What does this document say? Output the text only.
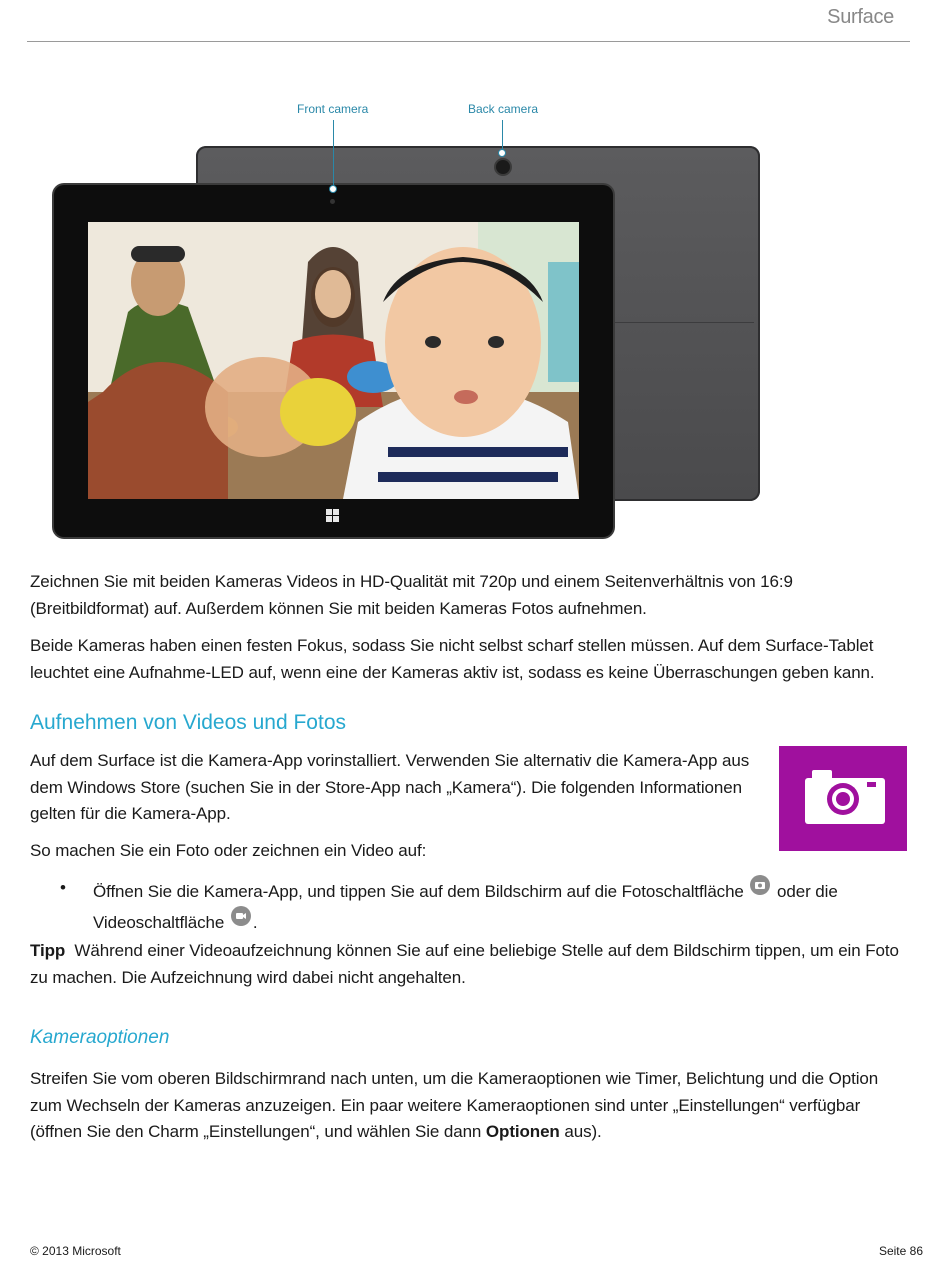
Surface
Front camera	Back camera

Zeichnen Sie mit beiden Kameras Videos in HD-Qualität mit 720p und einem Seitenverhältnis von 16:9 (Breitbildformat) auf. Außerdem können Sie mit beiden Kameras Fotos aufnehmen.

Beide Kameras haben einen festen Fokus, sodass Sie nicht selbst scharf stellen müssen. Auf dem Surface-Tablet leuchtet eine Aufnahme-LED auf, wenn eine der Kameras aktiv ist, sodass es keine Überraschungen geben kann.

Aufnehmen von Videos und Fotos

Auf dem Surface ist die Kamera-App vorinstalliert. Verwenden Sie alternativ die Kamera-App aus dem Windows Store (suchen Sie in der Store-App nach „Kamera“). Die folgenden Informationen gelten für die Kamera-App.

So machen Sie ein Foto oder zeichnen ein Video auf:

• Öffnen Sie die Kamera-App, und tippen Sie auf dem Bildschirm auf die Fotoschaltfläche oder die Videoschaltfläche .

Tipp Während einer Videoaufzeichnung können Sie auf eine beliebige Stelle auf dem Bildschirm tippen, um ein Foto zu machen. Die Aufzeichnung wird dabei nicht angehalten.

Kameraoptionen

Streifen Sie vom oberen Bildschirmrand nach unten, um die Kameraoptionen wie Timer, Belichtung und die Option zum Wechseln der Kameras anzuzeigen. Ein paar weitere Kameraoptionen sind unter „Einstellungen“ verfügbar (öffnen Sie den Charm „Einstellungen“, und wählen Sie dann Optionen aus).

© 2013 Microsoft	Seite 86
